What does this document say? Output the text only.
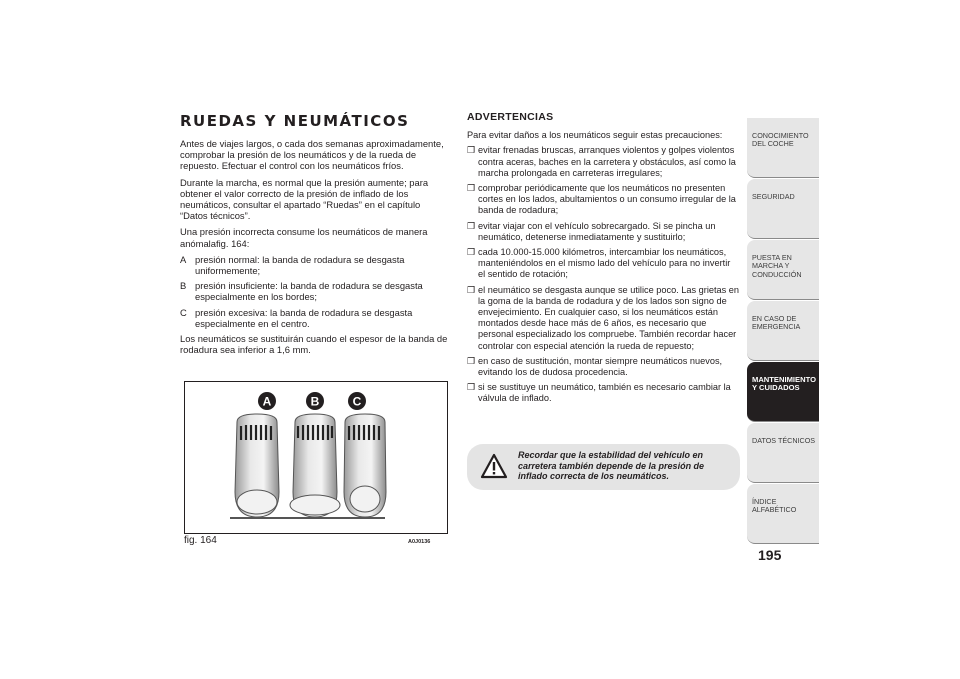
RUEDAS Y NEUMÁTICOS

Antes de viajes largos, o cada dos semanas aproximadamente, comprobar la presión de los neumáticos y de la rueda de repuesto. Efectuar el control con los neumáticos fríos.

Durante la marcha, es normal que la presión aumente; para obtener el valor correcto de la presión de inflado de los neumáticos, consultar el apartado “Ruedas” en el capítulo “Datos técnicos”.

Una presión incorrecta consume los neumáticos de manera anómalafig. 164:

A presión normal: la banda de rodadura se desgasta uniformemente;
B presión insuficiente: la banda de rodadura se desgasta especialmente en los bordes;
C presión excesiva: la banda de rodadura se desgasta especialmente en el centro.

Los neumáticos se sustituirán cuando el espesor de la banda de rodadura sea inferior a 1,6 mm.

A	B	C
fig. 164	A0J0136
ADVERTENCIAS

Para evitar daños a los neumáticos seguir estas precauciones:

❒ evitar frenadas bruscas, arranques violentos y golpes violentos contra aceras, baches en la carretera y obstáculos, así como la marcha prolongada en carreteras irregulares;
❒ comprobar periódicamente que los neumáticos no presenten cortes en los lados, abultamientos o un consumo irregular de la banda de rodadura;
❒ evitar viajar con el vehículo sobrecargado. Si se pincha un neumático, detenerse inmediatamente y sustituirlo;
❒ cada 10.000-15.000 kilómetros, intercambiar los neumáticos, manteniéndolos en el mismo lado del vehículo para no invertir el sentido de rotación;
❒ el neumático se desgasta aunque se utilice poco. Las grietas en la goma de la banda de rodadura y de los lados son signo de envejecimiento. En cualquier caso, si los neumáticos están montados desde hace más de 6 años, es necesario que personal especializado los compruebe. También recordar hacer controlar con especial atención la rueda de repuesto;
❒ en caso de sustitución, montar siempre neumáticos nuevos, evitando los de dudosa procedencia.
❒ si se sustituye un neumático, también es necesario cambiar la válvula de inflado.
Recordar que la estabilidad del vehículo en carretera también depende de la presión de inflado correcta de los neumáticos.
CONOCIMIENTO DEL COCHE
SEGURIDAD
PUESTA EN MARCHA Y CONDUCCIÓN
EN CASO DE EMERGENCIA
MANTENIMIENTO Y CUIDADOS
DATOS TÉCNICOS
ÍNDICE ALFABÉTICO
195
